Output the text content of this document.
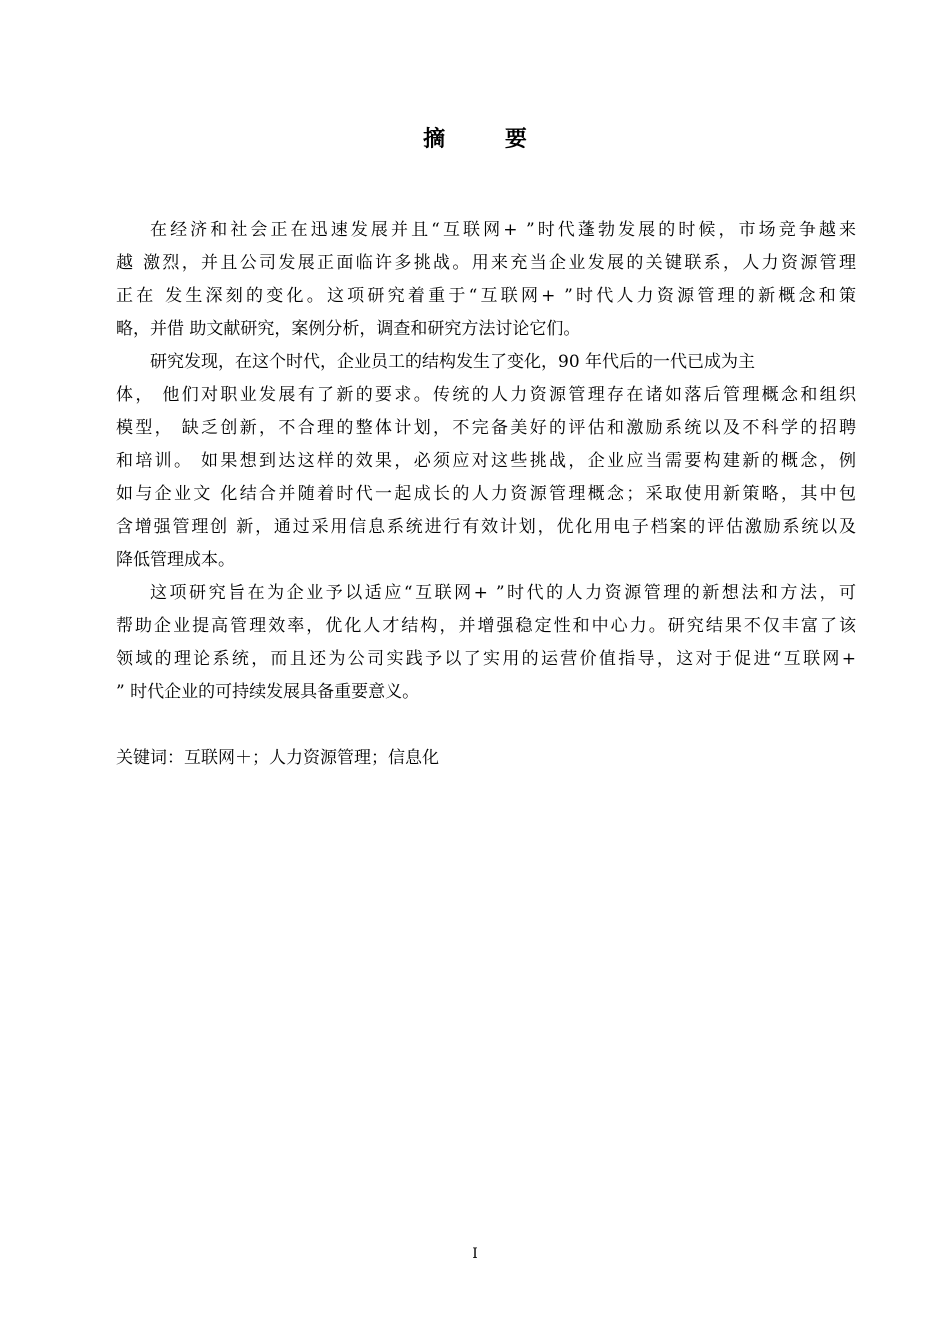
摘 要
在经济和社会正在迅速发展并且“互联网+ ”时代蓬勃发展的时候，市场竞争越来
越 激烈，并且公司发展正面临许多挑战。用来充当企业发展的关键联系，人力资源管理
正在 发生深刻的变化。这项研究着重于“互联网+ ”时代人力资源管理的新概念和策
略，并借 助文献研究，案例分析，调查和研究方法讨论它们。
研究发现，在这个时代，企业员工的结构发生了变化，90 年代后的一代已成为主
体， 他们对职业发展有了新的要求。传统的人力资源管理存在诸如落后管理概念和组织
模型， 缺乏创新，不合理的整体计划，不完备美好的评估和激励系统以及不科学的招聘
和培训。 如果想到达这样的效果，必须应对这些挑战，企业应当需要构建新的概念，例
如与企业文 化结合并随着时代一起成长的人力资源管理概念；采取使用新策略，其中包
含增强管理创 新，通过采用信息系统进行有效计划，优化用电子档案的评估激励系统以及
降低管理成本。
这项研究旨在为企业予以适应“互联网+ ”时代的人力资源管理的新想法和方法，可
帮助企业提高管理效率，优化人才结构，并增强稳定性和中心力。研究结果不仅丰富了该
领域的理论系统，而且还为公司实践予以了实用的运营价值指导，这对于促进“互联网+
” 时代企业的可持续发展具备重要意义。
关键词：互联网＋；人力资源管理；信息化
I
